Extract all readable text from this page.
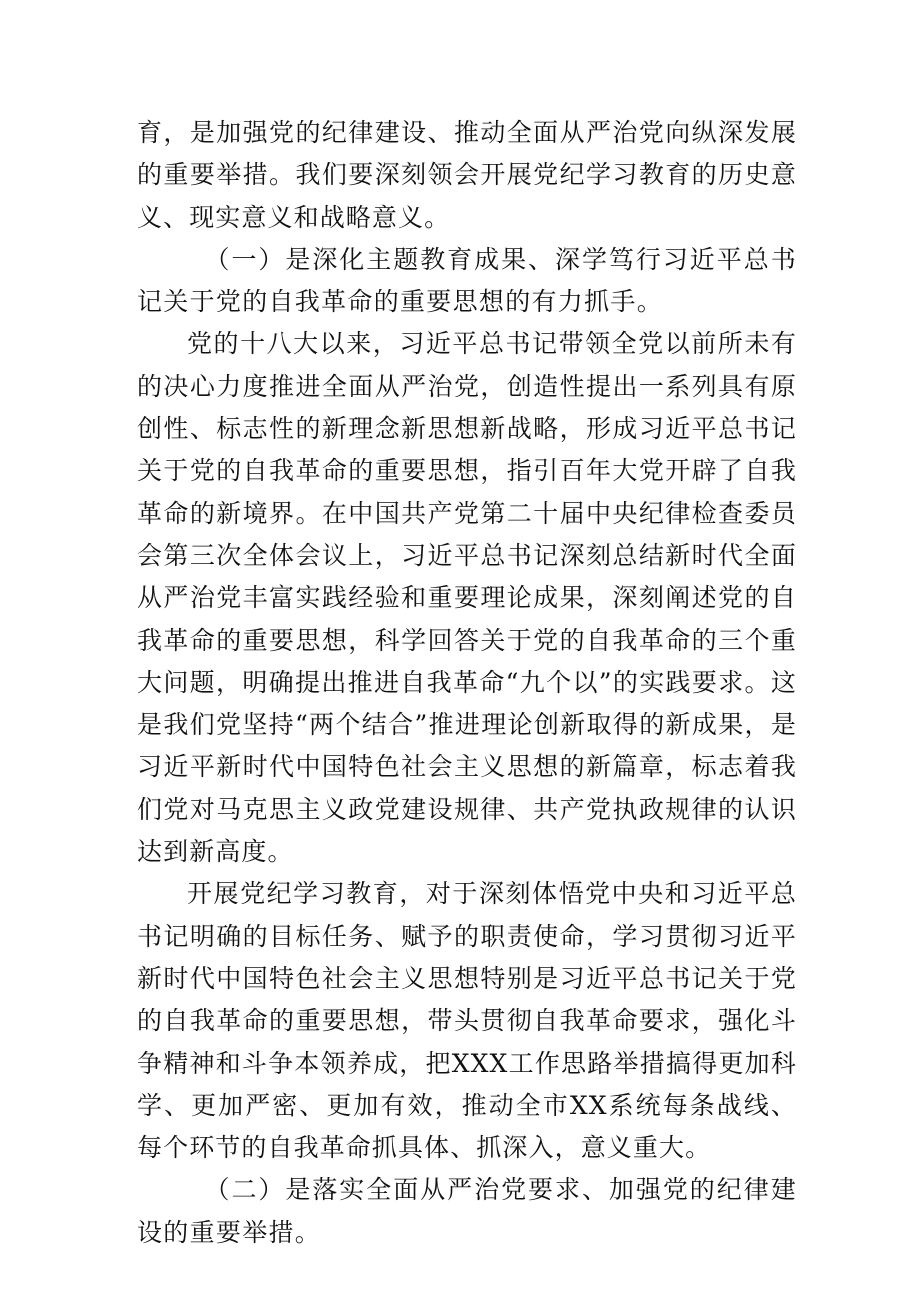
育，是加强党的纪律建设、推动全面从严治党向纵深发展的重要举措。我们要深刻领会开展党纪学习教育的历史意义、现实意义和战略意义。

（一）是深化主题教育成果、深学笃行习近平总书记关于党的自我革命的重要思想的有力抓手。

党的十八大以来，习近平总书记带领全党以前所未有的决心力度推进全面从严治党，创造性提出一系列具有原创性、标志性的新理念新思想新战略，形成习近平总书记关于党的自我革命的重要思想，指引百年大党开辟了自我革命的新境界。在中国共产党第二十届中央纪律检查委员会第三次全体会议上，习近平总书记深刻总结新时代全面从严治党丰富实践经验和重要理论成果，深刻阐述党的自我革命的重要思想，科学回答关于党的自我革命的三个重大问题，明确提出推进自我革命“九个以”的实践要求。这是我们党坚持“两个结合”推进理论创新取得的新成果，是习近平新时代中国特色社会主义思想的新篇章，标志着我们党对马克思主义政党建设规律、共产党执政规律的认识达到新高度。

开展党纪学习教育，对于深刻体悟党中央和习近平总书记明确的目标任务、赋予的职责使命，学习贯彻习近平新时代中国特色社会主义思想特别是习近平总书记关于党的自我革命的重要思想，带头贯彻自我革命要求，强化斗争精神和斗争本领养成，把XXX工作思路举措搞得更加科学、更加严密、更加有效，推动全市XX系统每条战线、每个环节的自我革命抓具体、抓深入，意义重大。

（二）是落实全面从严治党要求、加强党的纪律建设的重要举措。
